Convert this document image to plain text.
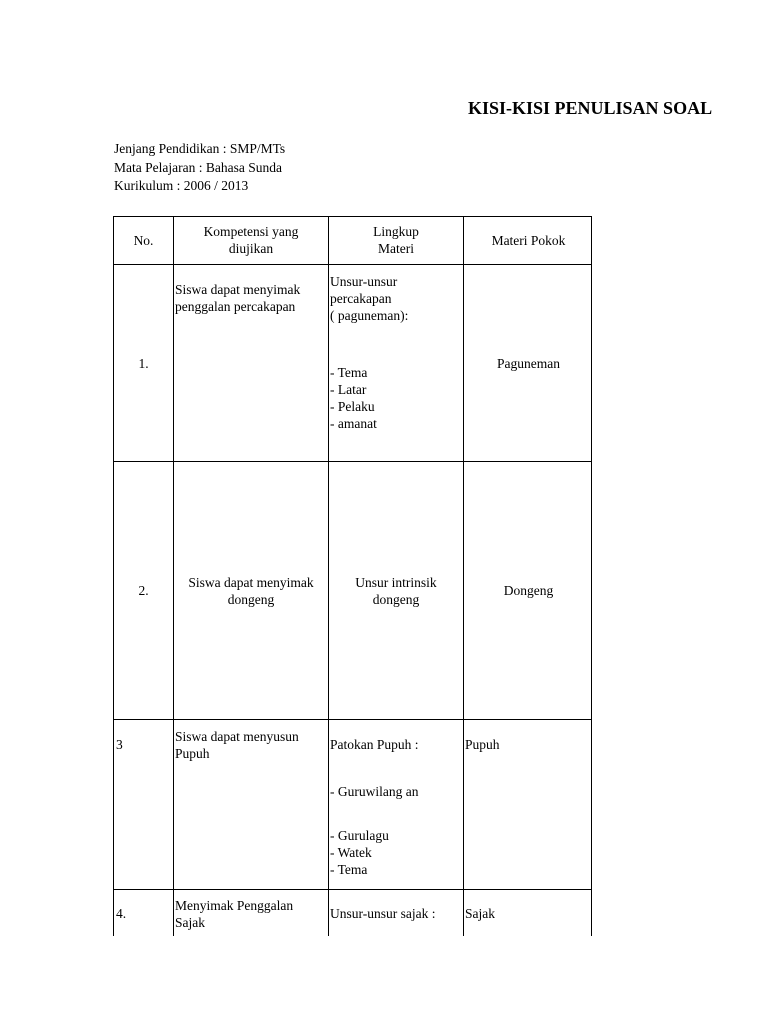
KISI-KISI PENULISAN SOAL
Jenjang Pendidikan : SMP/MTs
Mata Pelajaran : Bahasa Sunda
Kurikulum : 2006 / 2013
No.
Kompetensi yang
diujikan
Lingkup
Materi
Materi Pokok
1.
Siswa dapat menyimak
penggalan percakapan
Unsur-unsur
percakapan
( paguneman):
- Tema
- Latar
- Pelaku
- amanat
Paguneman
2.
Siswa dapat menyimak
dongeng
Unsur intrinsik
dongeng
Dongeng
3
Siswa dapat menyusun
Pupuh
Patokan Pupuh :
- Guruwilang an
- Gurulagu
- Watek
- Tema
Pupuh
4.
Menyimak Penggalan
Sajak
Unsur-unsur sajak : Sajak
